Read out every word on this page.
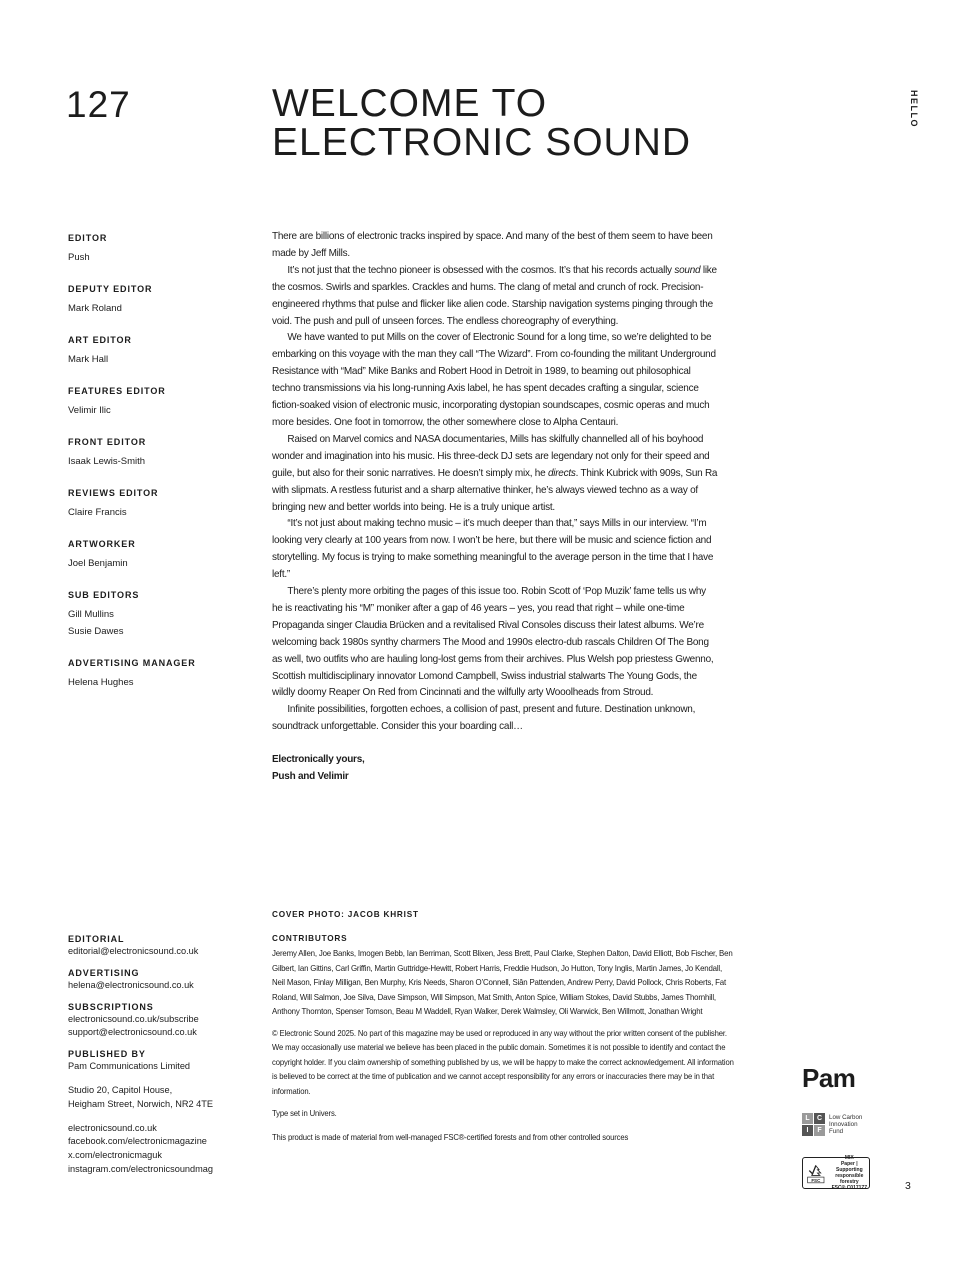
127	WELCOME TO
ELECTRONIC SOUND
HELLO
EDITOR
Push
DEPUTY EDITOR
Mark Roland
ART EDITOR
Mark Hall
FEATURES EDITOR
Velimir Ilic
FRONT EDITOR
Isaak Lewis-Smith
REVIEWS EDITOR
Claire Francis
ARTWORKER
Joel Benjamin
SUB EDITORS
Gill Mullins
Susie Dawes
ADVERTISING MANAGER
Helena Hughes

There are billions of electronic tracks inspired by space. And many of the best of them seem to have been made by Jeff Mills.

It’s not just that the techno pioneer is obsessed with the cosmos. It’s that his records actually sound like the cosmos. Swirls and sparkles. Crackles and hums. The clang of metal and crunch of rock. Precision-engineered rhythms that pulse and flicker like alien code. Starship navigation systems pinging through the void. The push and pull of unseen forces. The endless choreography of everything.

We have wanted to put Mills on the cover of Electronic Sound for a long time, so we’re delighted to be embarking on this voyage with the man they call “The Wizard”. From co-founding the militant Underground Resistance with “Mad” Mike Banks and Robert Hood in Detroit in 1989, to beaming out philosophical techno transmissions via his long-running Axis label, he has spent decades crafting a singular, science fiction-soaked vision of electronic music, incorporating dystopian soundscapes, cosmic operas and much more besides. One foot in tomorrow, the other somewhere close to Alpha Centauri.

Raised on Marvel comics and NASA documentaries, Mills has skilfully channelled all of his boyhood wonder and imagination into his music. His three-deck DJ sets are legendary not only for their speed and guile, but also for their sonic narratives. He doesn’t simply mix, he directs. Think Kubrick with 909s, Sun Ra with slipmats. A restless futurist and a sharp alternative thinker, he’s always viewed techno as a way of bringing new and better worlds into being. He is a truly unique artist.

“It’s not just about making techno music – it’s much deeper than that,” says Mills in our interview. “I’m looking very clearly at 100 years from now. I won’t be here, but there will be music and science fiction and storytelling. My focus is trying to make something meaningful to the average person in the time that I have left.”

There’s plenty more orbiting the pages of this issue too. Robin Scott of ‘Pop Muzik’ fame tells us why he is reactivating his “M” moniker after a gap of 46 years – yes, you read that right – while one-time Propaganda singer Claudia Brücken and a revitalised Rival Consoles discuss their latest albums. We’re welcoming back 1980s synthy charmers The Mood and 1990s electro-dub rascals Children Of The Bong as well, two outfits who are hauling long-lost gems from their archives. Plus Welsh pop priestess Gwenno, Scottish multidisciplinary innovator Lomond Campbell, Swiss industrial stalwarts The Young Gods, the wildly doomy Reaper On Red from Cincinnati and the wilfully arty Wooolheads from Stroud.

Infinite possibilities, forgotten echoes, a collision of past, present and future. Destination unknown, soundtrack unforgettable. Consider this your boarding call…

Electronically yours,
Push and Velimir
EDITORIAL
editorial@electronicsound.co.uk
ADVERTISING
helena@electronicsound.co.uk
SUBSCRIPTIONS
electronicsound.co.uk/subscribe
support@electronicsound.co.uk
PUBLISHED BY
Pam Communications Limited
Studio 20, Capitol House,
Heigham Street, Norwich, NR2 4TE
electronicsound.co.uk
facebook.com/electronicmagazine
x.com/electronicmaguk
instagram.com/electronicsoundmag
COVER PHOTO: JACOB KHRIST
CONTRIBUTORS
Jeremy Allen, Joe Banks, Imogen Bebb, Ian Berriman, Scott Blixen, Jess Brett, Paul Clarke, Stephen Dalton, David Elliott, Bob Fischer, Ben Gilbert, Ian Gittins, Carl Griffin, Martin Guttridge-Hewitt, Robert Harris, Freddie Hudson, Jo Hutton, Tony Inglis, Martin James, Jo Kendall, Neil Mason, Finlay Milligan, Ben Murphy, Kris Needs, Sharon O’Connell, Siân Pattenden, Andrew Perry, David Pollock, Chris Roberts, Fat Roland, Will Salmon, Joe Silva, Dave Simpson, Will Simpson, Mat Smith, Anton Spice, William Stokes, David Stubbs, James Thornhill, Anthony Thornton, Spenser Tomson, Beau M Waddell, Ryan Walker, Derek Walmsley, Oli Warwick, Ben Willmott, Jonathan Wright
© Electronic Sound 2025. No part of this magazine may be used or reproduced in any way without the prior written consent of the publisher. We may occasionally use material we believe has been placed in the public domain. Sometimes it is not possible to identify and contact the copyright holder. If you claim ownership of something published by us, we will be happy to make the correct acknowledgement. All information is believed to be correct at the time of publication and we cannot accept responsibility for any errors or inaccuracies there may be in that information.
Type set in Univers.
This product is made of material from well-managed FSC®-certified forests and from other controlled sources
Pam
L	C
I	F
Low Carbon
Innovation
Fund
FSC
MIX
Paper | Supporting
responsible forestry
FSC® C017177	3
